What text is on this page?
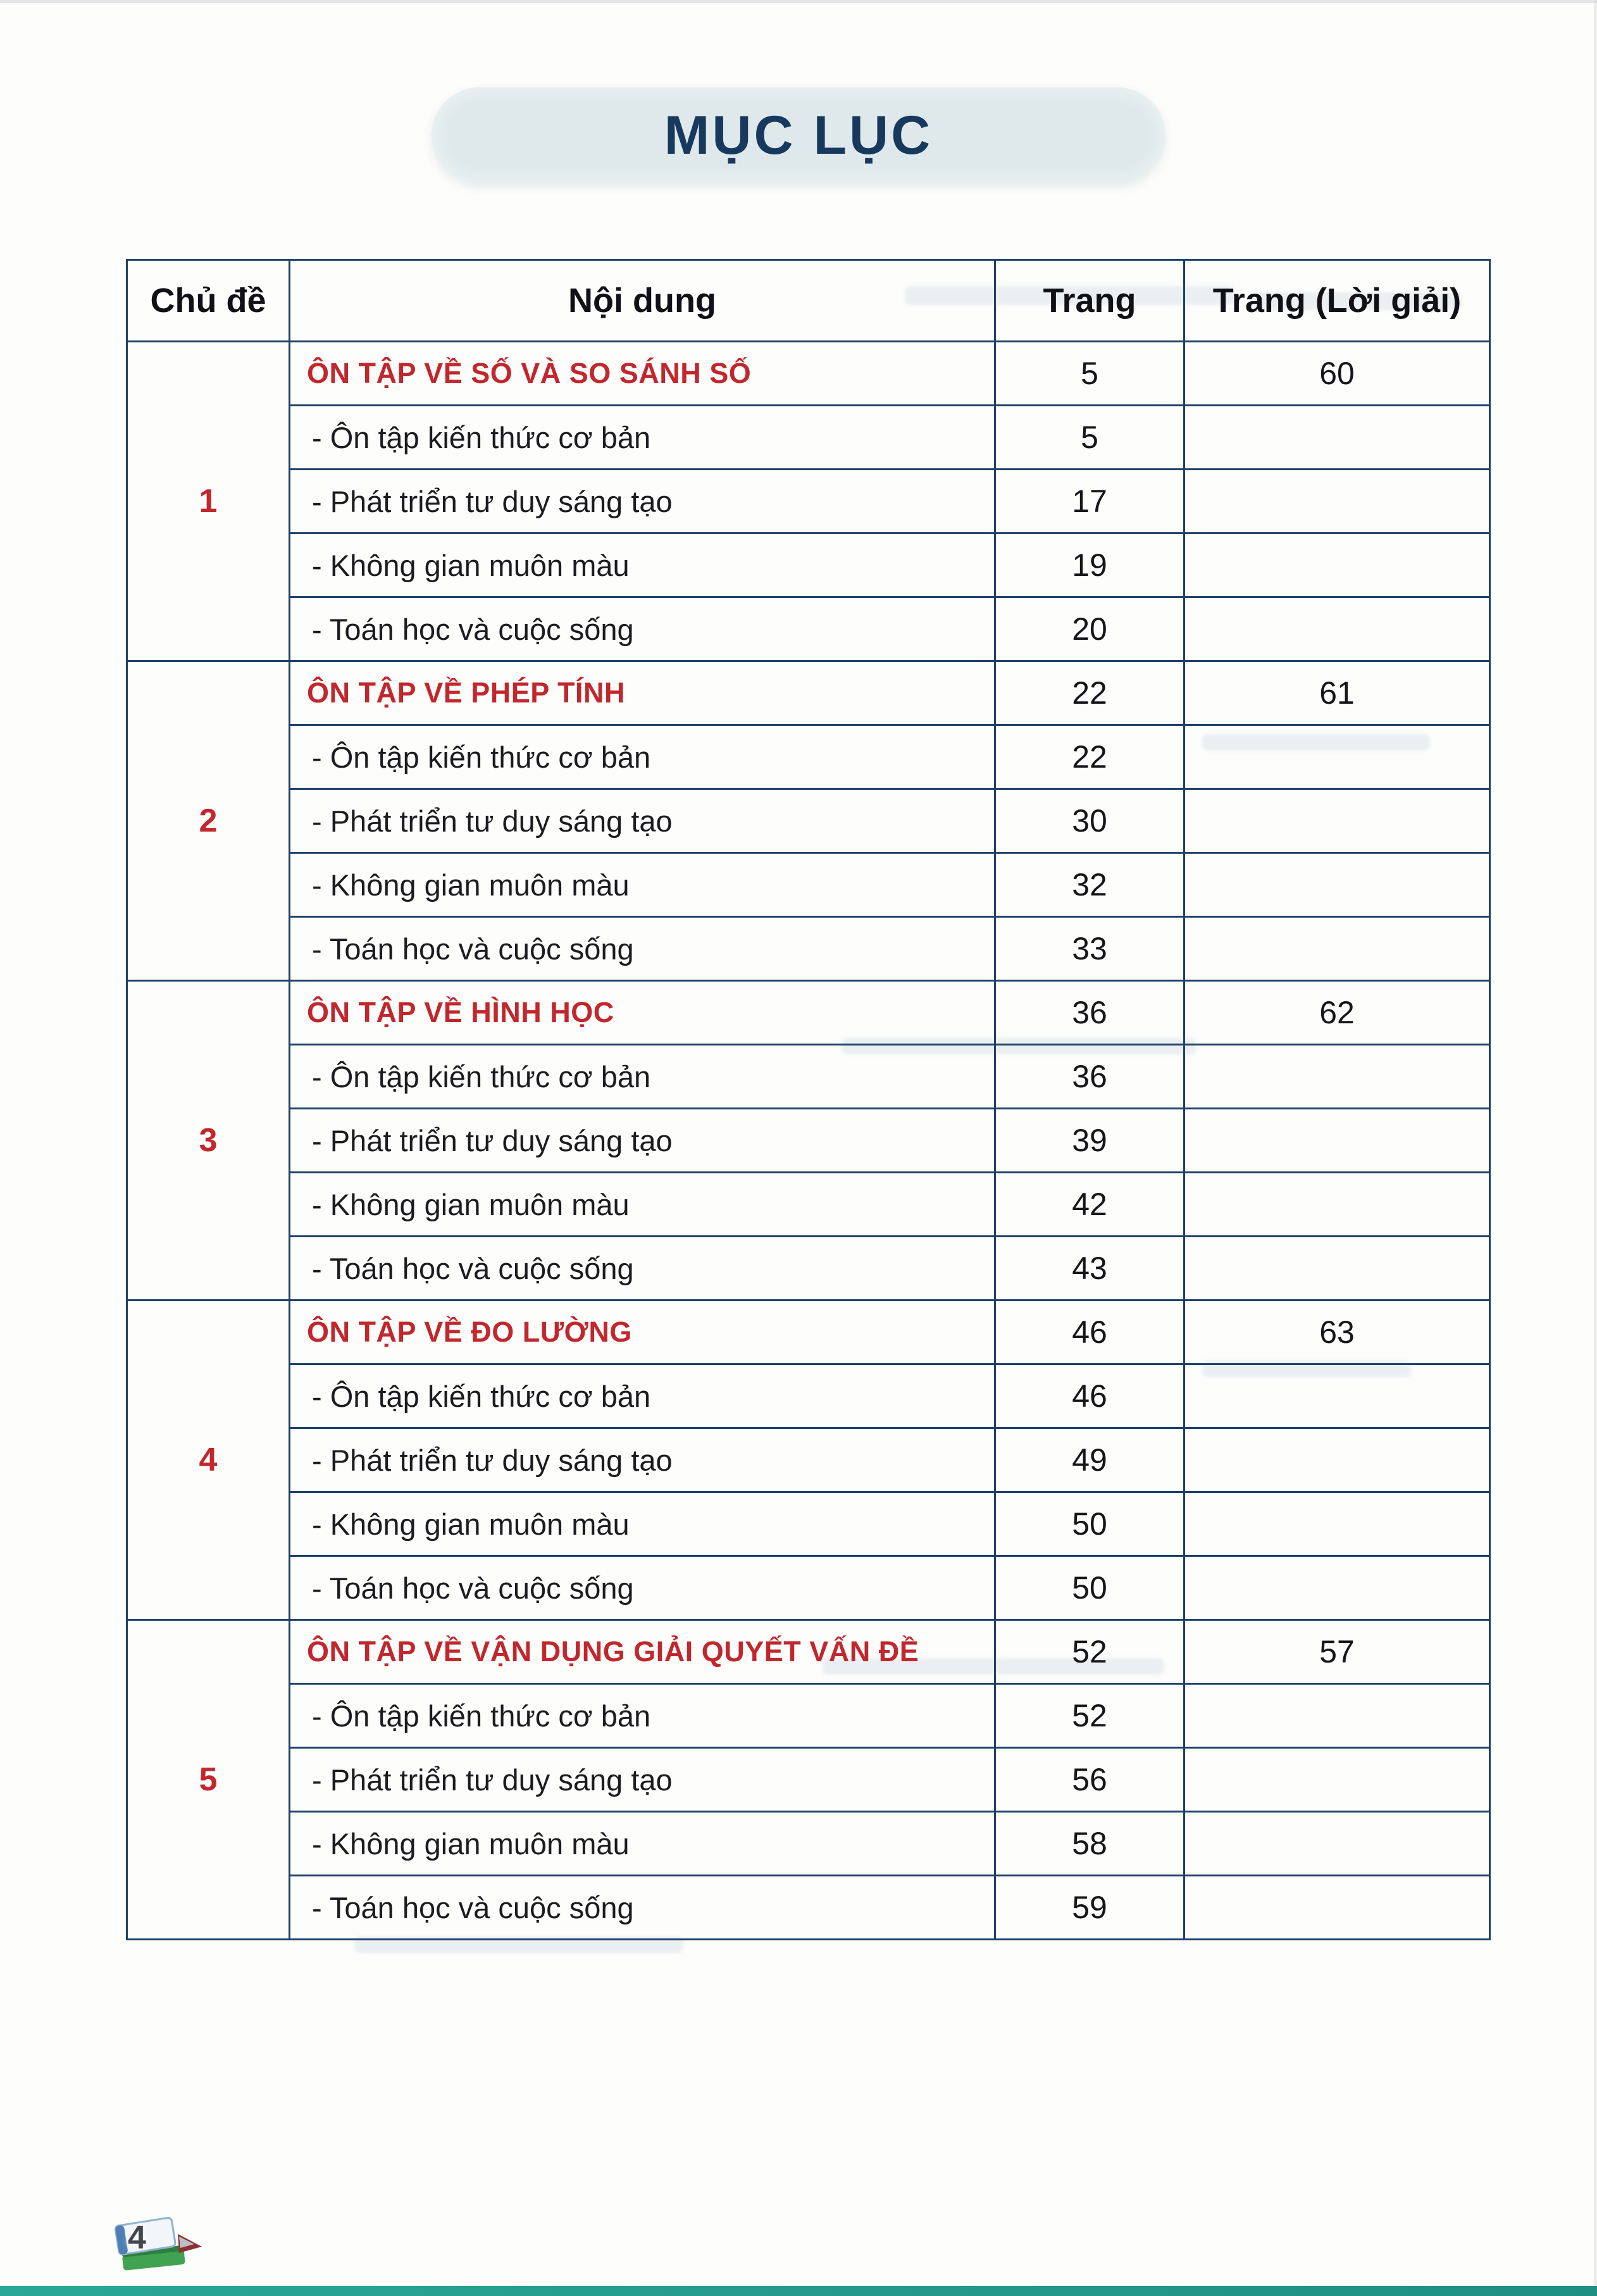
MỤC LỤC
Chủ đề	Nội dung	Trang	Trang (Lời giải)
1	ÔN TẬP VỀ SỐ VÀ SO SÁNH SỐ	5	60
	- Ôn tập kiến thức cơ bản	5	
	- Phát triển tư duy sáng tạo	17	
	- Không gian muôn màu	19	
	- Toán học và cuộc sống	20	
2	ÔN TẬP VỀ PHÉP TÍNH	22	61
	- Ôn tập kiến thức cơ bản	22	
	- Phát triển tư duy sáng tạo	30	
	- Không gian muôn màu	32	
	- Toán học và cuộc sống	33	
3	ÔN TẬP VỀ HÌNH HỌC	36	62
	- Ôn tập kiến thức cơ bản	36	
	- Phát triển tư duy sáng tạo	39	
	- Không gian muôn màu	42	
	- Toán học và cuộc sống	43	
4	ÔN TẬP VỀ ĐO LƯỜNG	46	63
	- Ôn tập kiến thức cơ bản	46	
	- Phát triển tư duy sáng tạo	49	
	- Không gian muôn màu	50	
	- Toán học và cuộc sống	50	
5	ÔN TẬP VỀ VẬN DỤNG GIẢI QUYẾT VẤN ĐỀ	52	57
	- Ôn tập kiến thức cơ bản	52	
	- Phát triển tư duy sáng tạo	56	
	- Không gian muôn màu	58	
	- Toán học và cuộc sống	59	
4
